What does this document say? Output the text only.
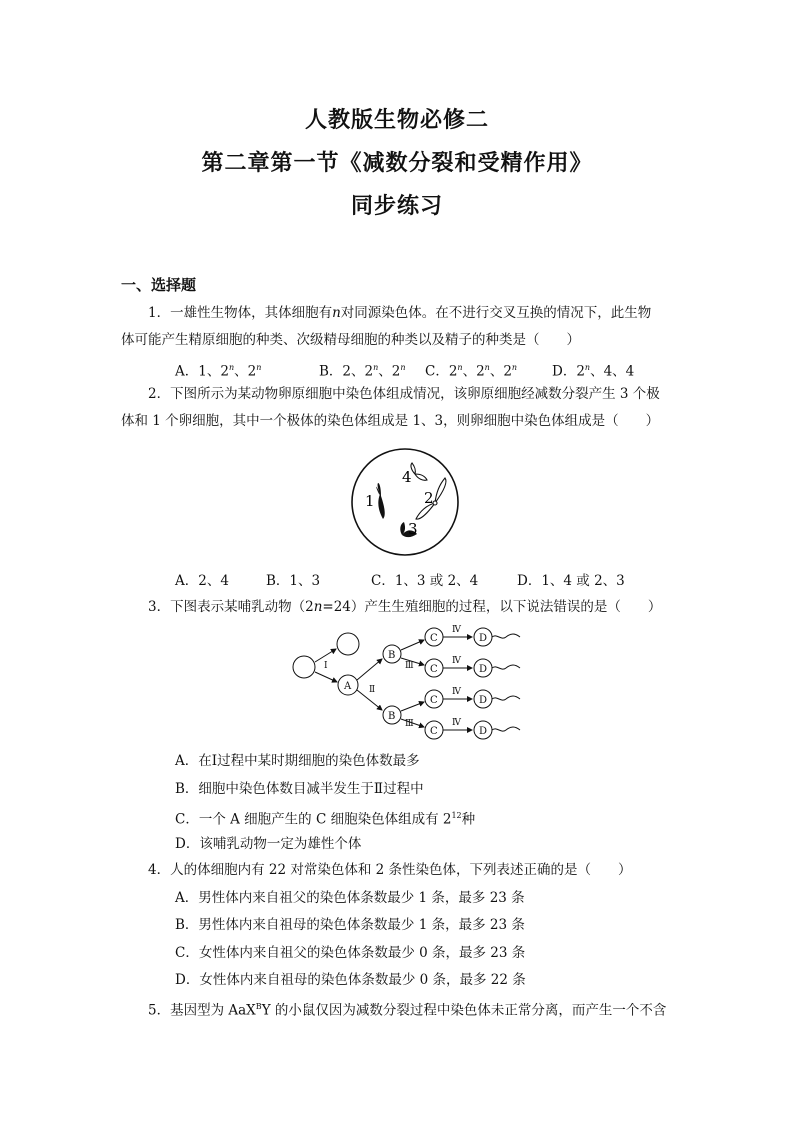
人教版生物必修二
第二章第一节《减数分裂和受精作用》
同步练习
一、选择题
1．一雄性生物体，其体细胞有n对同源染色体。在不进行交叉互换的情况下，此生物
体可能产生精原细胞的种类、次级精母细胞的种类以及精子的种类是（　　）
A．1、2$^n$、2$^n$	B．2、2$^n$、2$^n$ C．2$^n$、2$^n$、2$^n$	D．2$^n$、4、4
2．下图所示为某动物卵原细胞中染色体组成情况，该卵原细胞经减数分裂产生 3 个极
体和 1 个卵细胞，其中一个极体的染色体组成是 1、3，则卵细胞中染色体组成是（　　）
1	2
3
4
A．2、4	B．1、3	C．1、3 或 2、4	D．1、4 或 2、3
3．下图表示某哺乳动物（2n=24）产生生殖细胞的过程，以下说法错误的是（　　）
A
B
B
C
C
C
C
D
D
D
D
Ⅰ
Ⅱ
Ⅲ
Ⅲ
Ⅳ
Ⅳ
Ⅳ
Ⅳ
A．在Ⅰ过程中某时期细胞的染色体数最多
B．细胞中染色体数目减半发生于Ⅱ过程中
C．一个 A 细胞产生的 C 细胞染色体组成有 $2^{12}$种
D．该哺乳动物一定为雄性个体
4．人的体细胞内有 22 对常染色体和 2 条性染色体，下列表述正确的是（　　）
A．男性体内来自祖父的染色体条数最少 1 条，最多 23 条
B．男性体内来自祖母的染色体条数最少 1 条，最多 23 条
C．女性体内来自祖父的染色体条数最少 0 条，最多 23 条
D．女性体内来自祖母的染色体条数最少 0 条，最多 22 条
5．基因型为 AaX$^B$Y 的小鼠仅因为减数分裂过程中染色体未正常分离，而产生一个不含
